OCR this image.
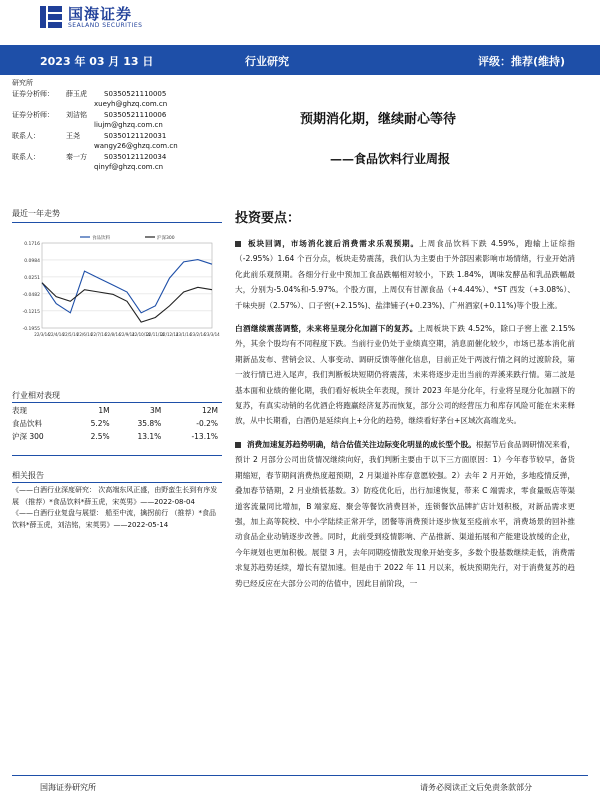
国海证券
SEALAND SECURITIES
2023 年 03 月 13 日	行业研究	评级：推荐(维持)
研究所
证券分析师：	薛玉虎	S0350521110005
xueyh@ghzq.com.cn
证券分析师：	刘洁铭	S0350521110006
liujm@ghzq.com.cn
联系人：	王尧	S0350121120031
wangy26@ghzq.com.cn
联系人：	秦一方	S0350121120034
qinyf@ghzq.com.cn
预期消化期，继续耐心等待
——食品饮料行业周报
最近一年走势
0.1716
0.0984
0.0251
-0.0482
-0.1215
-0.1955
22/3/14
22/4/14
22/5/14
22/6/14
22/7/14
22/8/14
22/9/14
22/10/14
22/11/14
22/12/14
23/1/14
23/2/14
23/3/14
食品饮料	沪深300
行业相对表现
表现	1M	3M	12M
食品饮料	5.2%	35.8%	-0.2%
沪深 300	2.5%	13.1%	-13.1%
相关报告
《——白酒行业深度研究： 次高端东风正盛，由野蛮生长到有序发展 （推荐）*食品饮料*薛玉虎，宋英男》——2022-08-04
《——白酒行业复盘与展望： 船至中流，擒拐前行 （推荐）*食品饮料*薛玉虎，刘洁铭，宋英男》——2022-05-14
投资要点：

板块回调，市场消化渡后消费需求乐观预期。上周食品饮料下跌 4.59%，跑输上证综指（-2.95%）1.64 个百分点，板块走势震荡，我们认为主要由于外部因素影响市场情绪，行业开始消化此前乐观预期。各细分行业中预加工食品跌幅相对较小，下跌 1.84%，调味发酵品和乳品跌幅最大，分别为-5.04%和-5.97%。个股方面，上周仅有甘源食品（+4.44%）、*ST 西发（+3.08%）、千味央厨（2.57%）、口子窖(+2.15%)、盐津铺子(+0.23%)、广州酒家(+0.11%)等个股上涨。

白酒继续震荡调整，未来将呈现分化加剧下的复苏。上周板块下跌 4.52%，除口子窖上涨 2.15%外，其余个股均有不同程度下跌。当前行业仍处于业绩真空期，消息面催化较少，市场已基本消化前期新品发布、营销会议、人事变动、调研反馈等催化信息，目前正处于两波行情之间的过渡阶段，第一波行情已进入尾声，我们判断板块短期仍将震荡，未来将逐步走出当前的弄溪来跌行情。第二波是基本面和业绩的催化期，我们看好板块全年表现，预计 2023 年是分化年，行业将呈现分化加剧下的复苏，有真实动销的名优酒企将跑赢经济复苏而恢复，部分公司的经营压力和库存风险可能在未来释放，从中长期看，白酒仍是延续向上+分化的趋势，继续看好茅台+区域次高端龙头。

消费加速复苏趋势明确，结合估值关注边际变化明显的成长型个股。根据节后食品调研情况来看，预计 2 月部分公司出货情况继续向好，我们判断主要由于以下三方面原因：1）今年春节较早，备货期缩短，春节期间消费热度超预期，2 月渠道补库存意愿较强。2）去年 2 月开始，多地疫情反弹，叠加春节错期，2 月业绩低基数。3）防疫优化后，出行加速恢复，带来 C 端需求，零食量贩店等渠道客流量同比增加，B 端家庭、聚会等餐饮消费回补，连锁餐饮品牌扩店计划积极，对新品需求更强，加上高等院校、中小学陆续正常开学，团餐等消费预计逐步恢复至疫前水平，消费场景的回补推动食品企业动销逐步改善。同时，此前受到疫情影响、产品推新、渠道拓展和产能建设放缓的企业，今年规划也更加积极。展望 3 月，去年同期疫情散发现象开始变多，多数个股基数继续走低，消费需求复苏趋势延续，增长有望加速。但是由于 2022 年 11 月以来，板块预期先行，对于消费复苏的趋势已经反应在大部分公司的估值中，因此目前阶段，一

国海证券研究所	请务必阅读正文后免责条款部分
